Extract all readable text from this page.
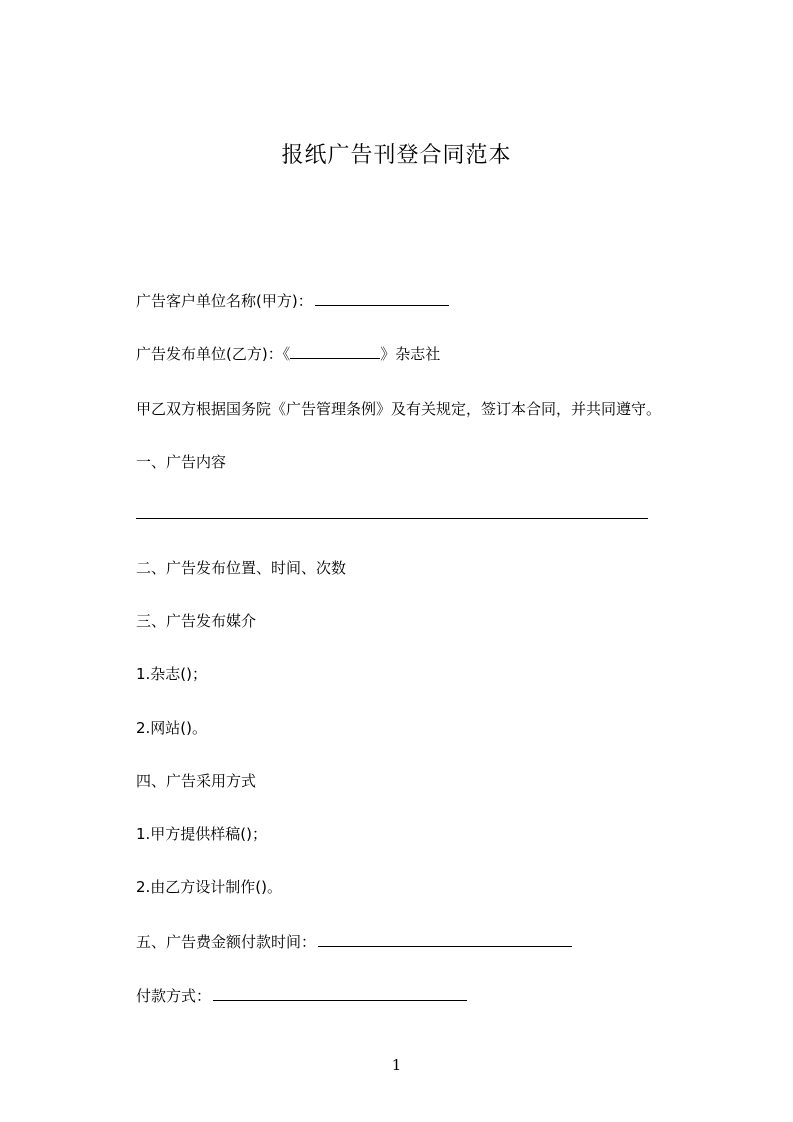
报纸广告刊登合同范本
广告客户单位名称(甲方)：
广告发布单位(乙方)：《	》杂志社
甲乙双方根据国务院《广告管理条例》及有关规定，签订本合同，并共同遵守。
一、广告内容
二、广告发布位置、时间、次数
三、广告发布媒介
1.杂志()；
2.网站()。
四、广告采用方式
1.甲方提供样稿()；
2.由乙方设计制作()。
五、广告费金额付款时间：
付款方式：
1
